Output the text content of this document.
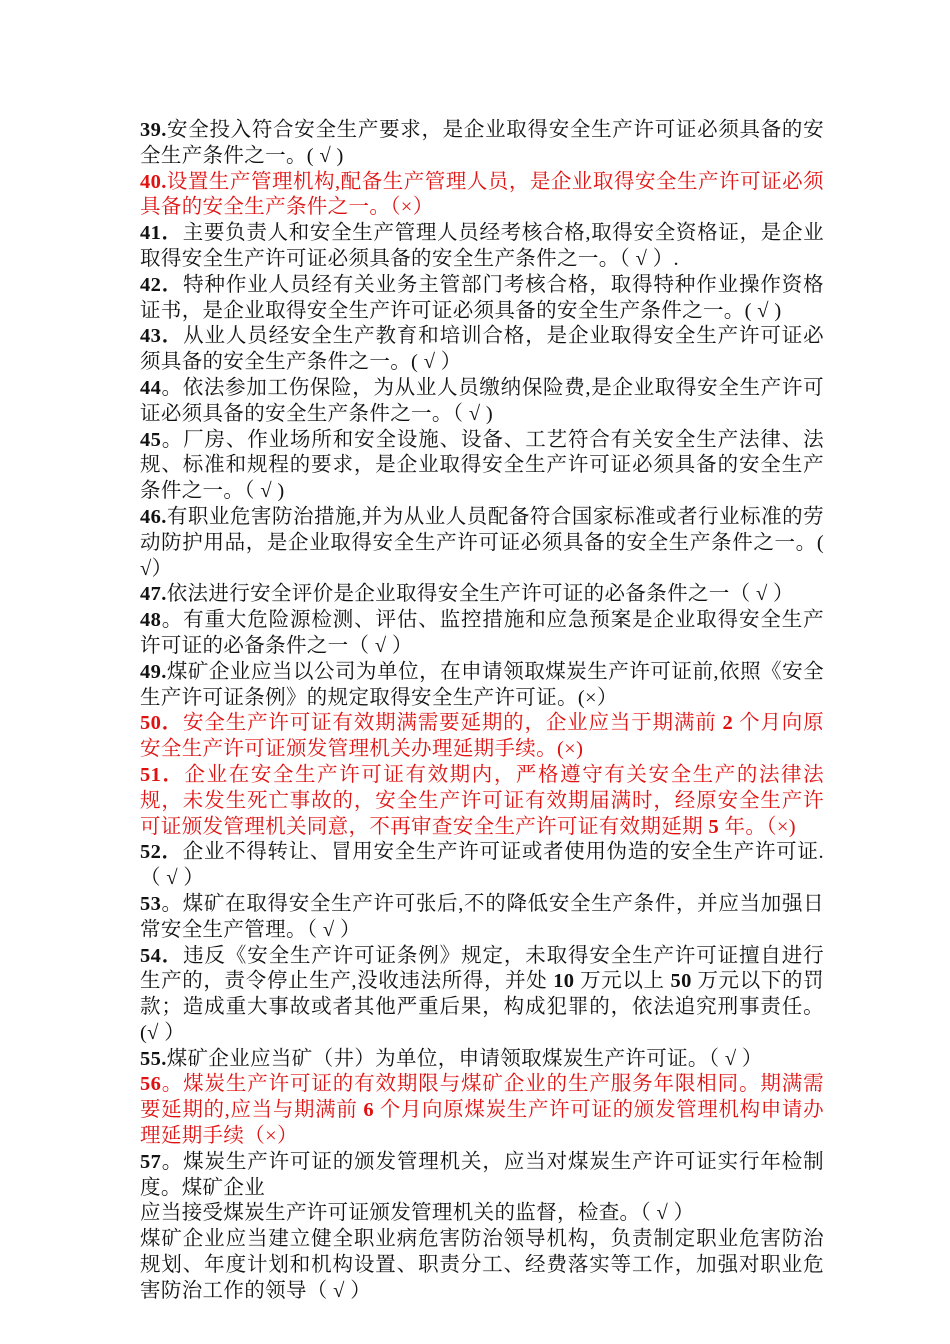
39.安全投入符合安全生产要求，是企业取得安全生产许可证必须具备的安全生产条件之一。( √ )

40.设置生产管理机构,配备生产管理人员，是企业取得安全生产许可证必须具备的安全生产条件之一。（×）

41．主要负责人和安全生产管理人员经考核合格,取得安全资格证，是企业取得安全生产许可证必须具备的安全生产条件之一。（ √ ）.

42．特种作业人员经有关业务主管部门考核合格，取得特种作业操作资格证书，是企业取得安全生产许可证必须具备的安全生产条件之一。( √ )

43．从业人员经安全生产教育和培训合格，是企业取得安全生产许可证必须具备的安全生产条件之一。( √ ）

44。依法参加工伤保险，为从业人员缴纳保险费,是企业取得安全生产许可证必须具备的安全生产条件之一。（ √ )

45。厂房、作业场所和安全设施、设备、工艺符合有关安全生产法律、法规、标准和规程的要求，是企业取得安全生产许可证必须具备的安全生产条件之一。（ √ )

46.有职业危害防治措施,并为从业人员配备符合国家标准或者行业标准的劳动防护用品，是企业取得安全生产许可证必须具备的安全生产条件之一。( √）

47.依法进行安全评价是企业取得安全生产许可证的必备条件之一（ √ ）

48。有重大危险源检测、评估、监控措施和应急预案是企业取得安全生产许可证的必备条件之一（ √ ）

49.煤矿企业应当以公司为单位，在申请领取煤炭生产许可证前,依照《安全生产许可证条例》的规定取得安全生产许可证。(×）

50．安全生产许可证有效期满需要延期的，企业应当于期满前 2 个月向原安全生产许可证颁发管理机关办理延期手续。(×)

51．企业在安全生产许可证有效期内，严格遵守有关安全生产的法律法规，未发生死亡事故的，安全生产许可证有效期届满时，经原安全生产许可证颁发管理机关同意，不再审查安全生产许可证有效期延期 5 年。（×)

52．企业不得转让、冒用安全生产许可证或者使用伪造的安全生产许可证.（ √ ）

53。煤矿在取得安全生产许可张后,不的降低安全生产条件，并应当加强日常安全生产管理。（ √ ）

54．违反《安全生产许可证条例》规定，未取得安全生产许可证擅自进行生产的，责令停止生产,没收违法所得，并处 10 万元以上 50 万元以下的罚款；造成重大事故或者其他严重后果，构成犯罪的，依法追究刑事责任。(√ ）

55.煤矿企业应当矿（井）为单位，申请领取煤炭生产许可证。（ √ ）

56。煤炭生产许可证的有效期限与煤矿企业的生产服务年限相同。期满需要延期的,应当与期满前 6 个月向原煤炭生产许可证的颁发管理机构申请办理延期手续（×）

57。煤炭生产许可证的颁发管理机关，应当对煤炭生产许可证实行年检制度。煤矿企业

应当接受煤炭生产许可证颁发管理机关的监督，检查。（ √ ）

煤矿企业应当建立健全职业病危害防治领导机构，负责制定职业危害防治规划、年度计划和机构设置、职责分工、经费落实等工作，加强对职业危害防治工作的领导（ √ ）
